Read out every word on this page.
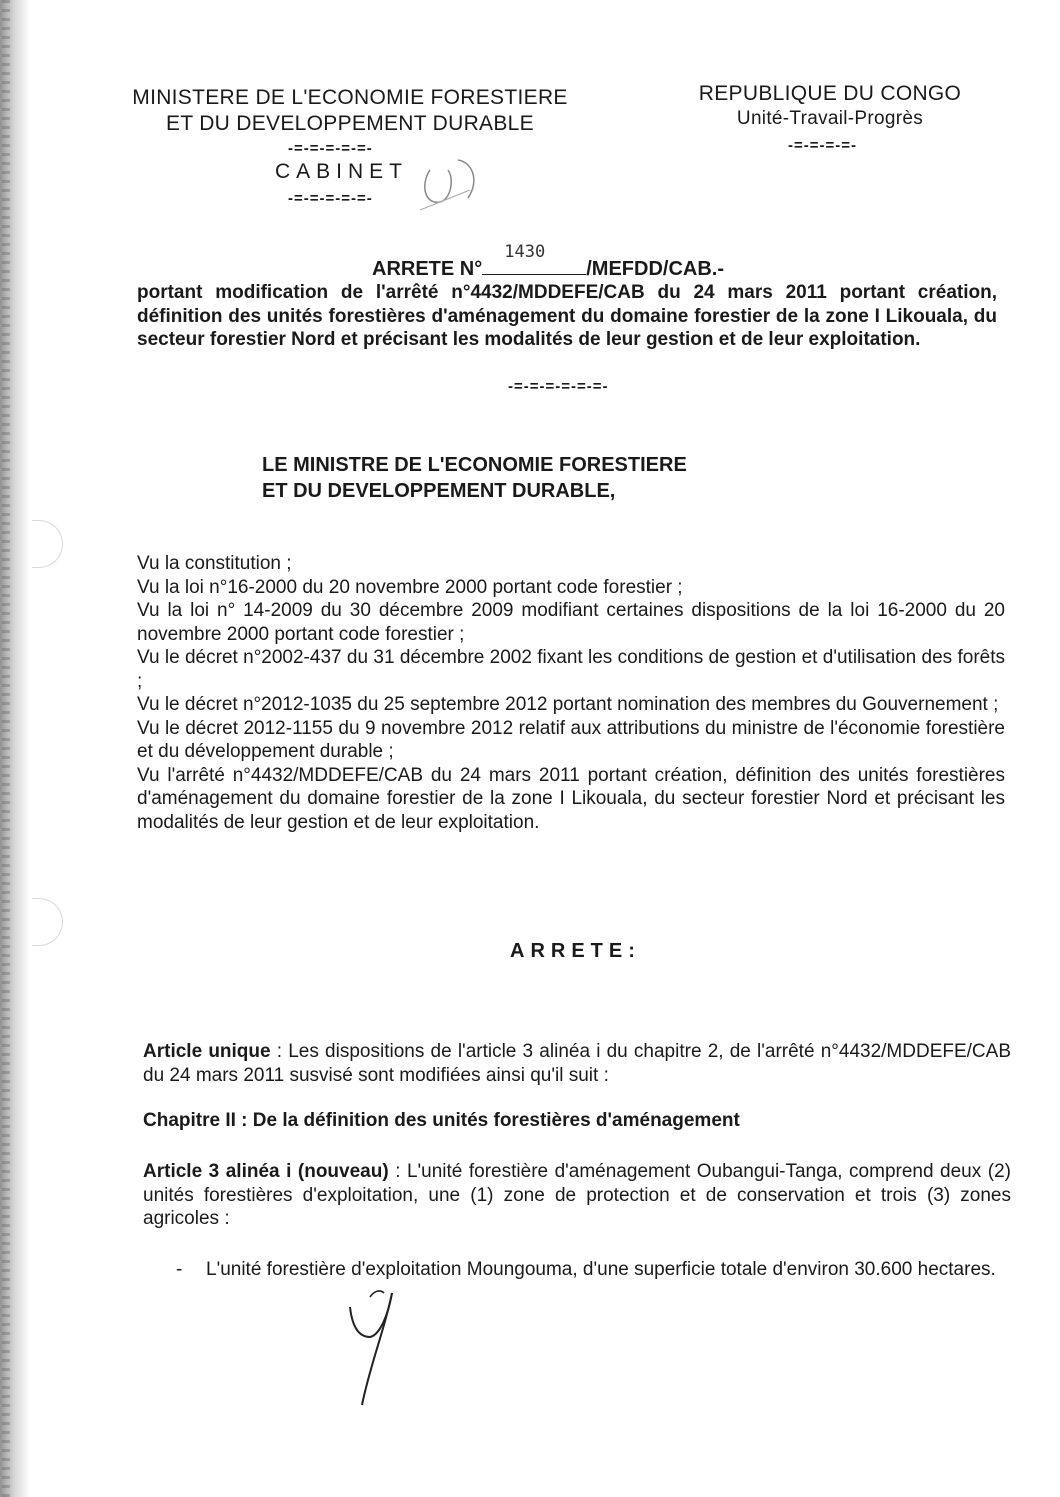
MINISTERE DE L'ECONOMIE FORESTIERE
ET DU DEVELOPPEMENT DURABLE
-=-=-=-=-=-
CABINET
-=-=-=-=-=-
REPUBLIQUE DU CONGO
Unité-Travail-Progrès
-=-=-=-=-
ARRETE N°
1430
/MEFDD/CAB.-
portant modification de l'arrêté n°4432/MDDEFE/CAB du 24 mars 2011 portant création, définition des unités forestières d'aménagement du domaine forestier de la zone I Likouala, du secteur forestier Nord et précisant les modalités de leur gestion et de leur exploitation.
-=-=-=-=-=-=-
LE MINISTRE DE L'ECONOMIE FORESTIERE
ET DU DEVELOPPEMENT DURABLE,
Vu la constitution ;
Vu la loi n°16-2000 du 20 novembre 2000 portant code forestier ;
Vu la loi n° 14-2009 du 30 décembre 2009 modifiant certaines dispositions de la loi 16-2000 du 20 novembre 2000 portant code forestier ;
Vu le décret n°2002-437 du 31 décembre 2002 fixant les conditions de gestion et d'utilisation des forêts ;
Vu le décret n°2012-1035 du 25 septembre 2012 portant nomination des membres du Gouvernement ;
Vu le décret 2012-1155 du 9 novembre 2012 relatif aux attributions du ministre de l'économie forestière et du développement durable ;
Vu l'arrêté n°4432/MDDEFE/CAB du 24 mars 2011 portant création, définition des unités forestières d'aménagement du domaine forestier de la zone I Likouala, du secteur forestier Nord et précisant les modalités de leur gestion et de leur exploitation.
ARRETE:
Article unique : Les dispositions de l'article 3 alinéa i du chapitre 2, de l'arrêté n°4432/MDDEFE/CAB du 24 mars 2011 susvisé sont modifiées ainsi qu'il suit :
Chapitre II : De la définition des unités forestières d'aménagement
Article 3 alinéa i (nouveau) : L'unité forestière d'aménagement Oubangui-Tanga, comprend deux (2) unités forestières d'exploitation, une (1) zone de protection et de conservation et trois (3) zones agricoles :
- L'unité forestière d'exploitation Moungouma, d'une superficie totale d'environ 30.600 hectares.
